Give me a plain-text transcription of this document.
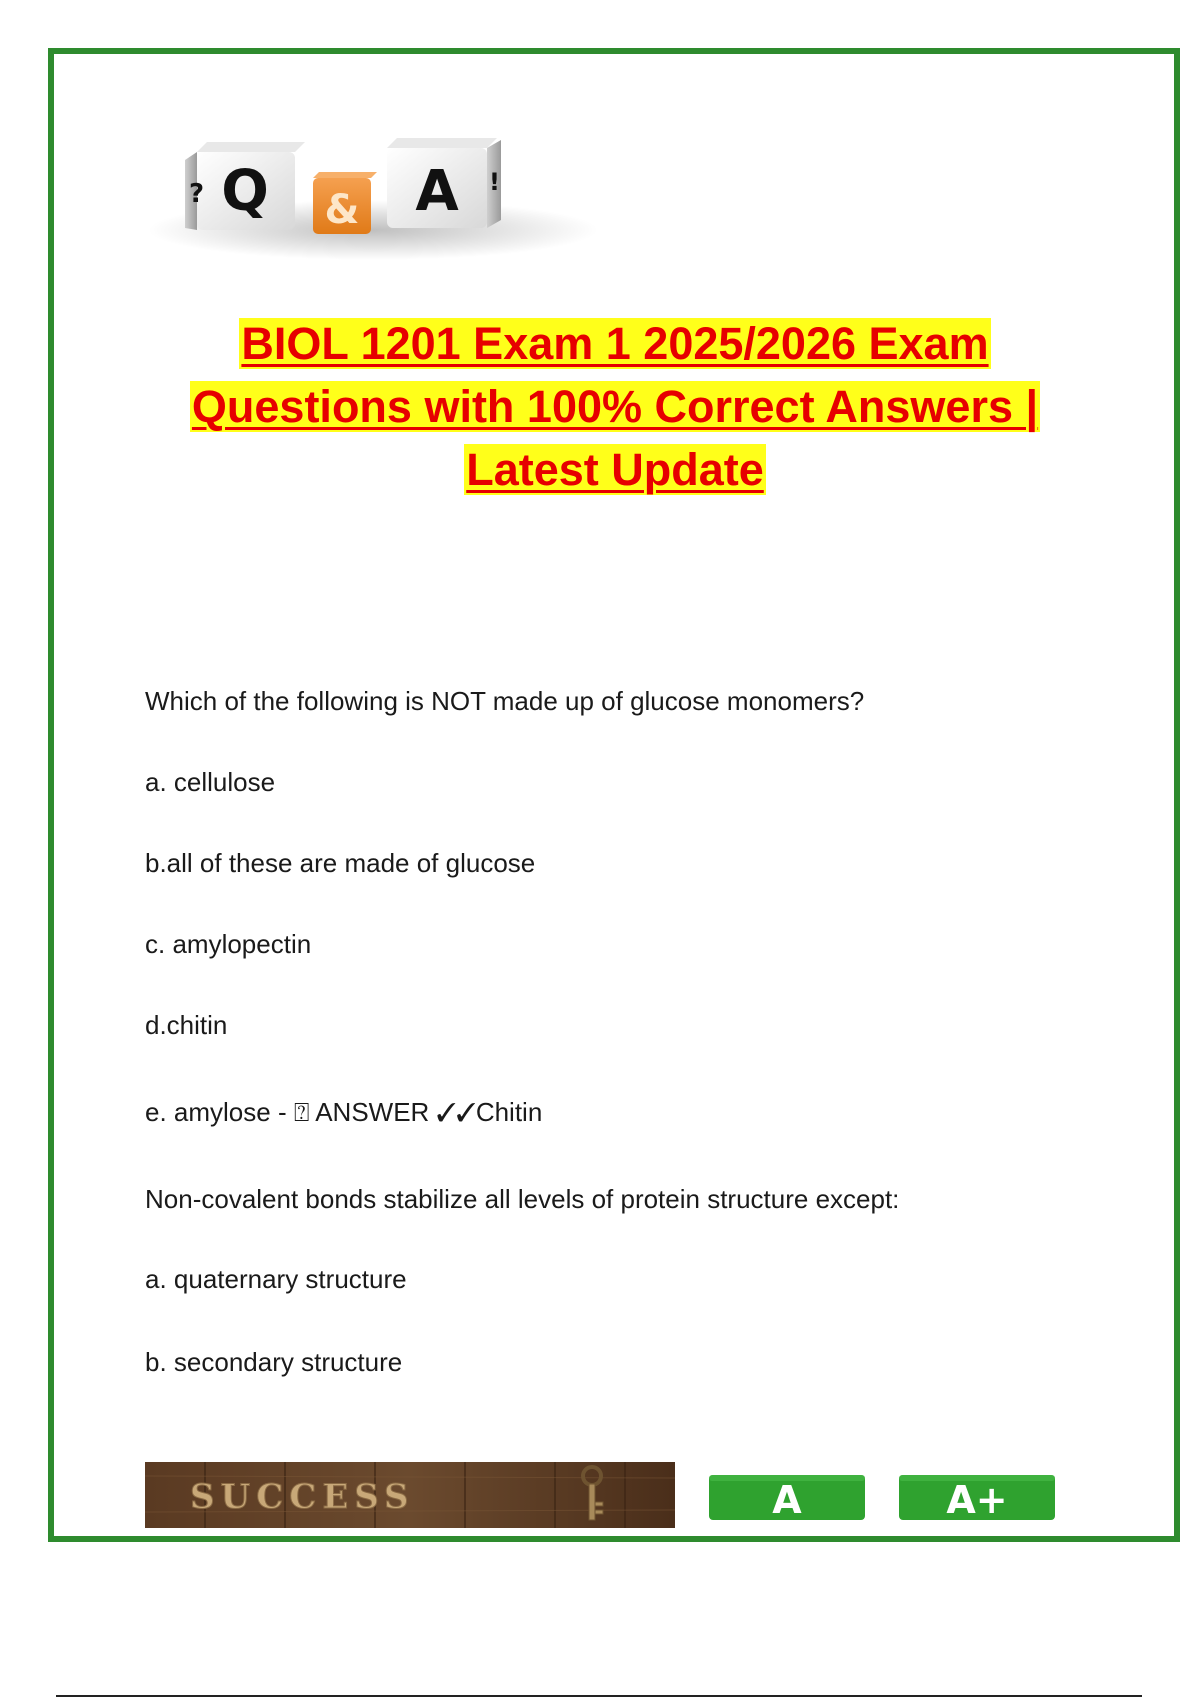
? Q & A !
BIOL 1201 Exam 1 2025/2026 Exam
Questions with 100% Correct Answers |
Latest Update
Which of the following is NOT made up of glucose monomers?
a. cellulose
b.all of these are made of glucose
c. amylopectin
d.chitin
e. amylose - ⍰ ANSWER ✓✓Chitin
Non-covalent bonds stabilize all levels of protein structure except:
a. quaternary structure
b. secondary structure
SUCCESS	A	A+
